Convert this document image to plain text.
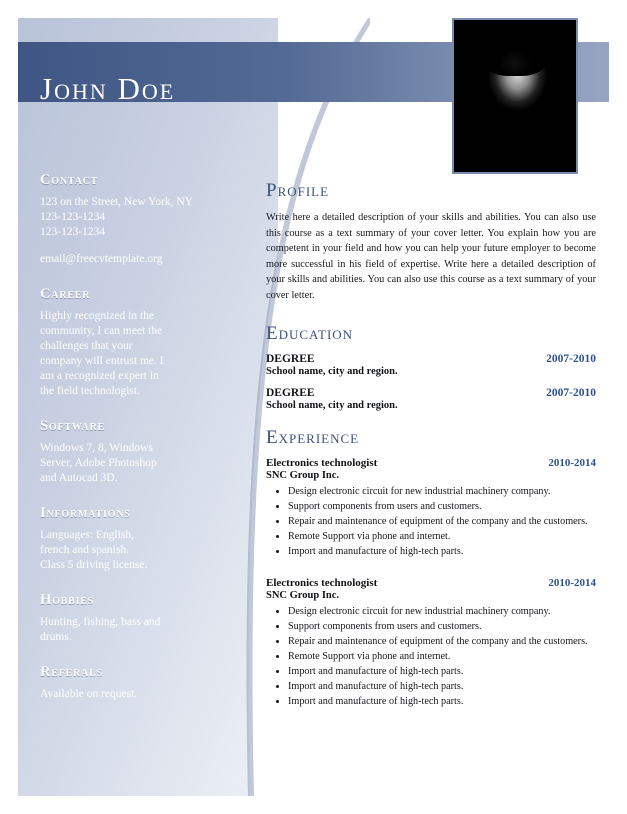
John Doe
Contact

123 on the Street, New York, NY
123-123-1234
123-123-1234

email@freecvtemplate.org

Career

Highly recognized in the
community, I can meet the
challenges that your
company will entrust me. I
am a recognized expert in
the field technologist.

Software

Windows 7, 8, Windows
Server, Adobe Photoshop
and Autocad 3D.

Informations

Languages: English,
french and spanish.
Class 5 driving license.

Hobbies

Hunting, fishing, bass and
drums.

Referals

Available on request.

Profile

Write here a detailed description of your skills and abilities. You can also use this course as a text summary of your cover letter. You explain how you are competent in your field and how you can help your future employer to become more successful in his field of expertise. Write here a detailed description of your skills and abilities. You can also use this course as a text summary of your cover letter.

Education
DEGREE	2007-2010
School name, city and region.
DEGREE	2007-2010
School name, city and region.
Experience
Electronics technologist	2010-2014
SNC Group Inc.
• Design electronic circuit for new industrial machinery company.
• Support components from users and customers.
• Repair and maintenance of equipment of the company and the customers.
• Remote Support via phone and internet.
• Import and manufacture of high-tech parts.
Electronics technologist	2010-2014
SNC Group Inc.
• Design electronic circuit for new industrial machinery company.
• Support components from users and customers.
• Repair and maintenance of equipment of the company and the customers.
• Remote Support via phone and internet.
• Import and manufacture of high-tech parts.
• Import and manufacture of high-tech parts.
• Import and manufacture of high-tech parts.
